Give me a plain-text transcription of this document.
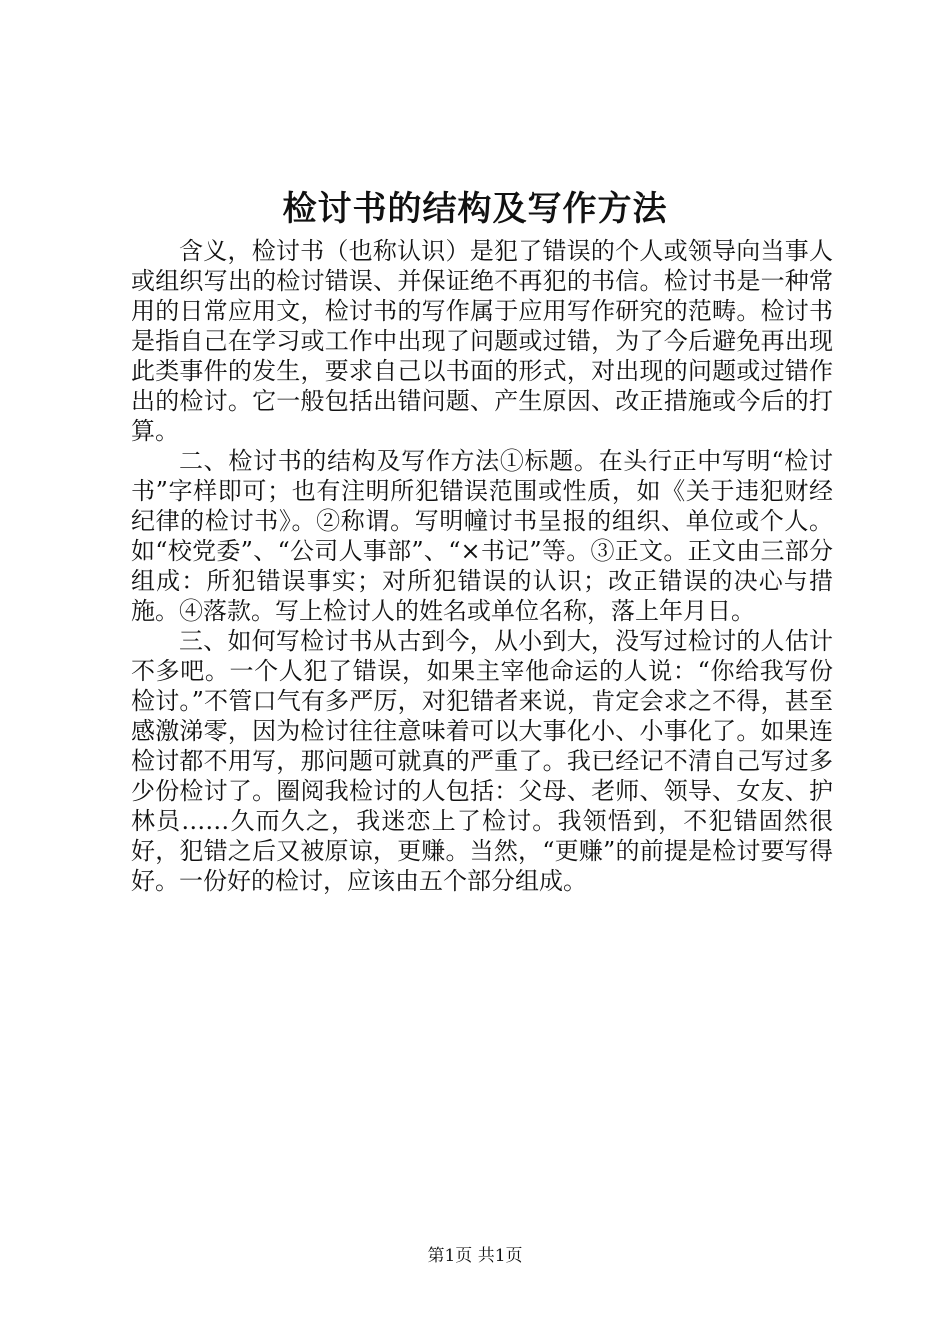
检讨书的结构及写作方法

含义，检讨书（也称认识）是犯了错误的个人或领导向当事人或组织写出的检讨错误、并保证绝不再犯的书信。检讨书是一种常用的日常应用文，检讨书的写作属于应用写作研究的范畴。检讨书是指自己在学习或工作中出现了问题或过错，为了今后避免再出现此类事件的发生，要求自己以书面的形式，对出现的问题或过错作出的检讨。它一般包括出错问题、产生原因、改正措施或今后的打算。

二、检讨书的结构及写作方法①标题。在头行正中写明“检讨书”字样即可；也有注明所犯错误范围或性质，如《关于违犯财经纪律的检讨书》。②称谓。写明幢讨书呈报的组织、单位或个人。如“校党委”、“公司人事部”、“×书记”等。③正文。正文由三部分组成：所犯错误事实；对所犯错误的认识；改正错误的决心与措施。④落款。写上检讨人的姓名或单位名称，落上年月日。

三、如何写检讨书从古到今，从小到大，没写过检讨的人估计不多吧。一个人犯了错误，如果主宰他命运的人说：“你给我写份检讨。”不管口气有多严厉，对犯错者来说，肯定会求之不得，甚至感激涕零，因为检讨往往意味着可以大事化小、小事化了。如果连检讨都不用写，那问题可就真的严重了。我已经记不清自己写过多少份检讨了。圈阅我检讨的人包括：父母、老师、领导、女友、护林员……久而久之，我迷恋上了检讨。我领悟到，不犯错固然很好，犯错之后又被原谅，更赚。当然，“更赚”的前提是检讨要写得好。一份好的检讨，应该由五个部分组成。

第1页 共1页
